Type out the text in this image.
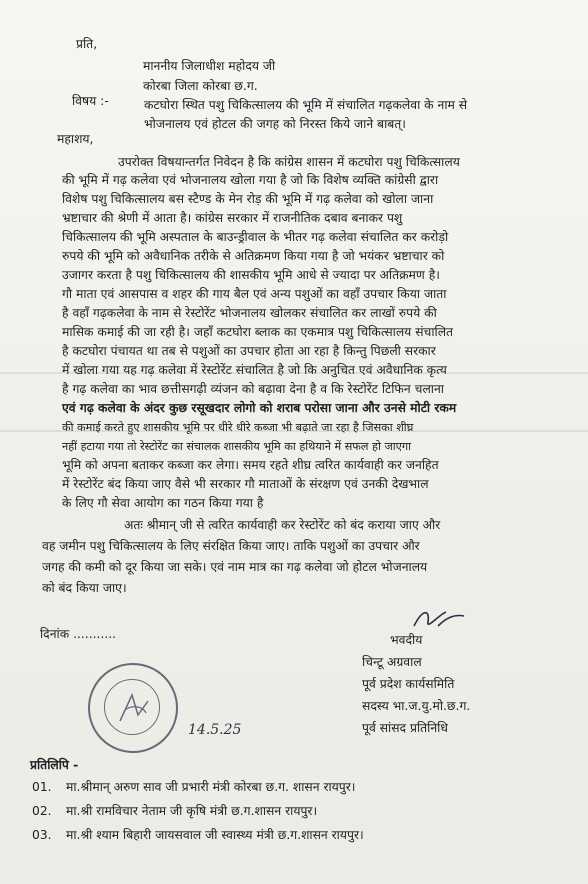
प्रति,
माननीय जिलाधीश महोदय जी
कोरबा जिला कोरबा छ.ग.
विषय :-	कटघोरा स्थित पशु चिकित्सालय की भूमि में संचालित गढ़कलेवा के नाम से
भोजनालय एवं होटल की जगह को निरस्त किये जाने बाबत्।
महाशय,
उपरोक्त विषयान्तर्गत निवेदन है कि कांग्रेस शासन में कटघोरा पशु चिकित्सालय
की भूमि में गढ़ कलेवा एवं भोजनालय खोला गया है जो कि विशेष व्यक्ति कांग्रेसी द्वारा
विशेष पशु चिकित्सालय बस स्टैण्ड के मेन रोड़ की भूमि में गढ़ कलेवा को खोला जाना
भ्रष्टाचार की श्रेणी में आता है। कांग्रेस सरकार में राजनीतिक दबाव बनाकर पशु
चिकित्सालय की भूमि अस्पताल के बाउन्ड्रीवाल के भीतर गढ़ कलेवा संचालित कर करोड़ो
रुपये की भूमि को अवैधानिक तरीके से अतिक्रमण किया गया है जो भयंकर भ्रष्टाचार को
उजागर करता है पशु चिकित्सालय की शासकीय भूमि आधे से ज्यादा पर अतिक्रमण है।
गौ माता एवं आसपास व शहर की गाय बैल एवं अन्य पशुओं का वहाँ उपचार किया जाता
है वहाँ गढ़कलेवा के नाम से रेस्टोरेंट भोजनालय खोलकर संचालित कर लाखों रुपये की
मासिक कमाई की जा रही है। जहाँ कटघोरा ब्लाक का एकमात्र पशु चिकित्सालय संचालित
है कटघोरा पंचायत था तब से पशुओं का उपचार होता आ रहा है किन्तु पिछली सरकार
में खोला गया यह गढ़ कलेवा में रेस्टोरेंट संचालित है जो कि अनुचित एवं अवैधानिक कृत्य
है गढ़ कलेवा का भाव छत्तीसगढ़ी व्यंजन को बढ़ावा देना है व कि रेस्टोरेंट टिफिन चलाना
एवं गढ़ कलेवा के अंदर कुछ रसूखदार लोगो को शराब परोसा जाना और उनसे मोटी रकम
की कमाई करते हुए शासकीय भूमि पर धीरे धीरे कब्जा भी बढ़ाते जा रहा है जिसका शीघ्र
नहीं हटाया गया तो रेस्टोरेंट का संचालक शासकीय भूमि का हथियाने में सफल हो जाएगा
भूमि को अपना बताकर कब्जा कर लेगा। समय रहते शीघ्र त्वरित कार्यवाही कर जनहित
में रेस्टोरेंट बंद किया जाए वैसे भी सरकार गौ माताओं के संरक्षण एवं उनकी देखभाल
के लिए गौ सेवा आयोग का गठन किया गया है
अतः श्रीमान् जी से त्वरित कार्यवाही कर रेस्टोरेंट को बंद कराया जाए और
वह जमीन पशु चिकित्सालय के लिए संरक्षित किया जाए। ताकि पशुओं का उपचार और
जगह की कमी को दूर किया जा सके। एवं नाम मात्र का गढ़ कलेवा जो होटल भोजनालय
को बंद किया जाए।
दिनांक ...........	भवदीय
चिन्टू अग्रवाल
पूर्व प्रदेश कार्यसमिति
सदस्य भा.ज.यु.मो.छ.ग.
पूर्व सांसद प्रतिनिधि
14.5.25
प्रतिलिपि -
01. मा.श्रीमान् अरुण साव जी प्रभारी मंत्री कोरबा छ.ग. शासन रायपुर।
02. मा.श्री रामविचार नेताम जी कृषि मंत्री छ.ग.शासन रायपुर।
03. मा.श्री श्याम बिहारी जायसवाल जी स्वास्थ्य मंत्री छ.ग.शासन रायपुर।
